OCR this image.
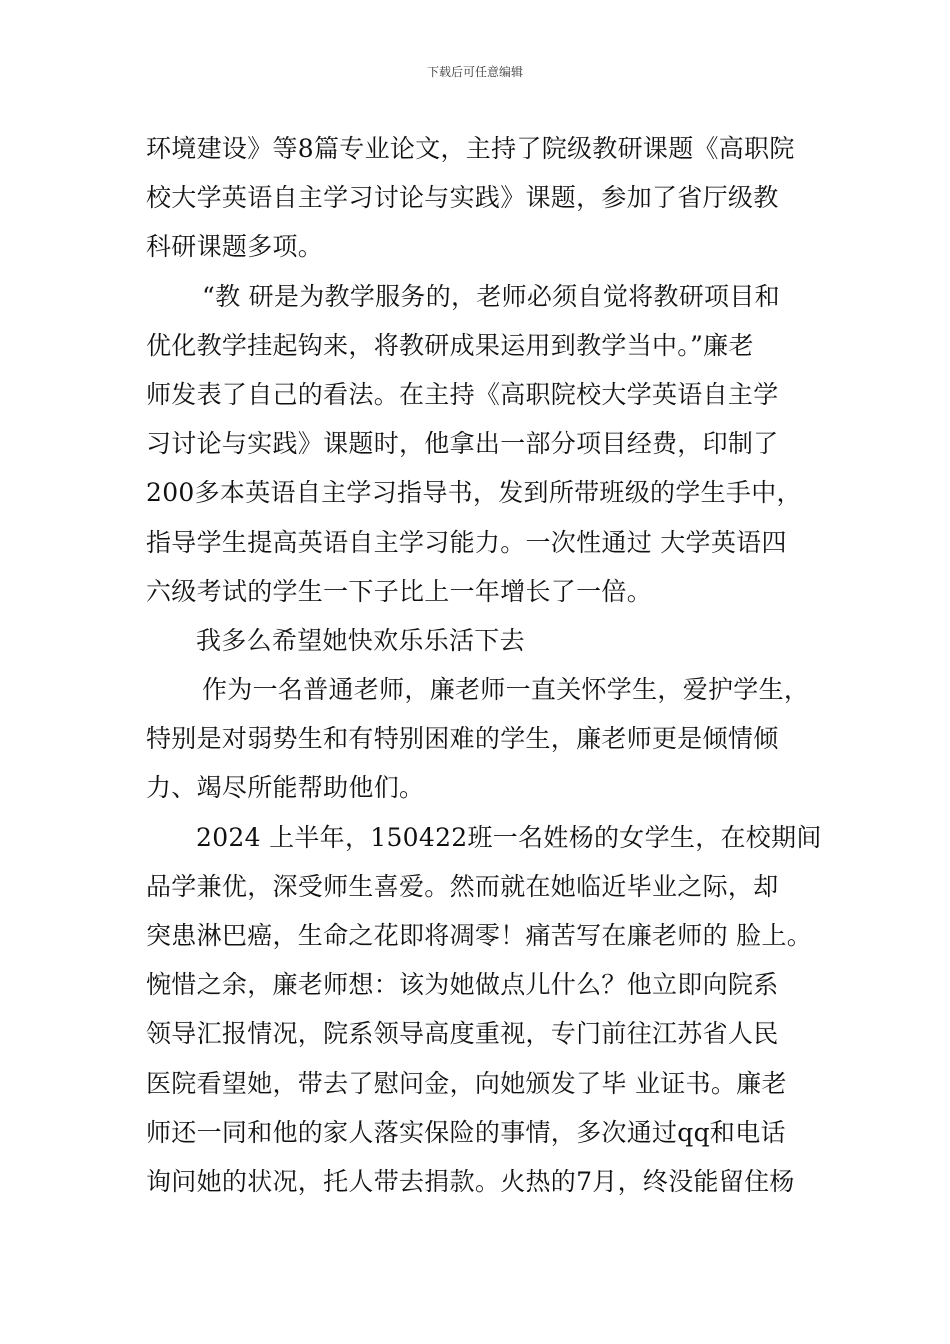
下载后可任意编辑
环境建设》等8篇专业论文，主持了院级教研课题《高职院
校大学英语自主学习讨论与实践》课题，参加了省厅级教
科研课题多项。
“教 研是为教学服务的，老师必须自觉将教研项目和
优化教学挂起钩来，将教研成果运用到教学当中。”廉老
师发表了自己的看法。在主持《高职院校大学英语自主学
习讨论与实践》课题时，他拿出一部分项目经费，印制了
200多本英语自主学习指导书，发到所带班级的学生手中，
指导学生提高英语自主学习能力。一次性通过 大学英语四
六级考试的学生一下子比上一年增长了一倍。
我多么希望她快欢乐乐活下去
作为一名普通老师，廉老师一直关怀学生，爱护学生，
特别是对弱势生和有特别困难的学生，廉老师更是倾情倾
力、竭尽所能帮助他们。
2024 上半年，150422班一名姓杨的女学生，在校期间
品学兼优，深受师生喜爱。然而就在她临近毕业之际，却
突患淋巴癌，生命之花即将凋零！痛苦写在廉老师的 脸上。
惋惜之余，廉老师想：该为她做点儿什么？他立即向院系
领导汇报情况，院系领导高度重视，专门前往江苏省人民
医院看望她，带去了慰问金，向她颁发了毕 业证书。廉老
师还一同和他的家人落实保险的事情，多次通过qq和电话
询问她的状况，托人带去捐款。火热的7月，终没能留住杨
